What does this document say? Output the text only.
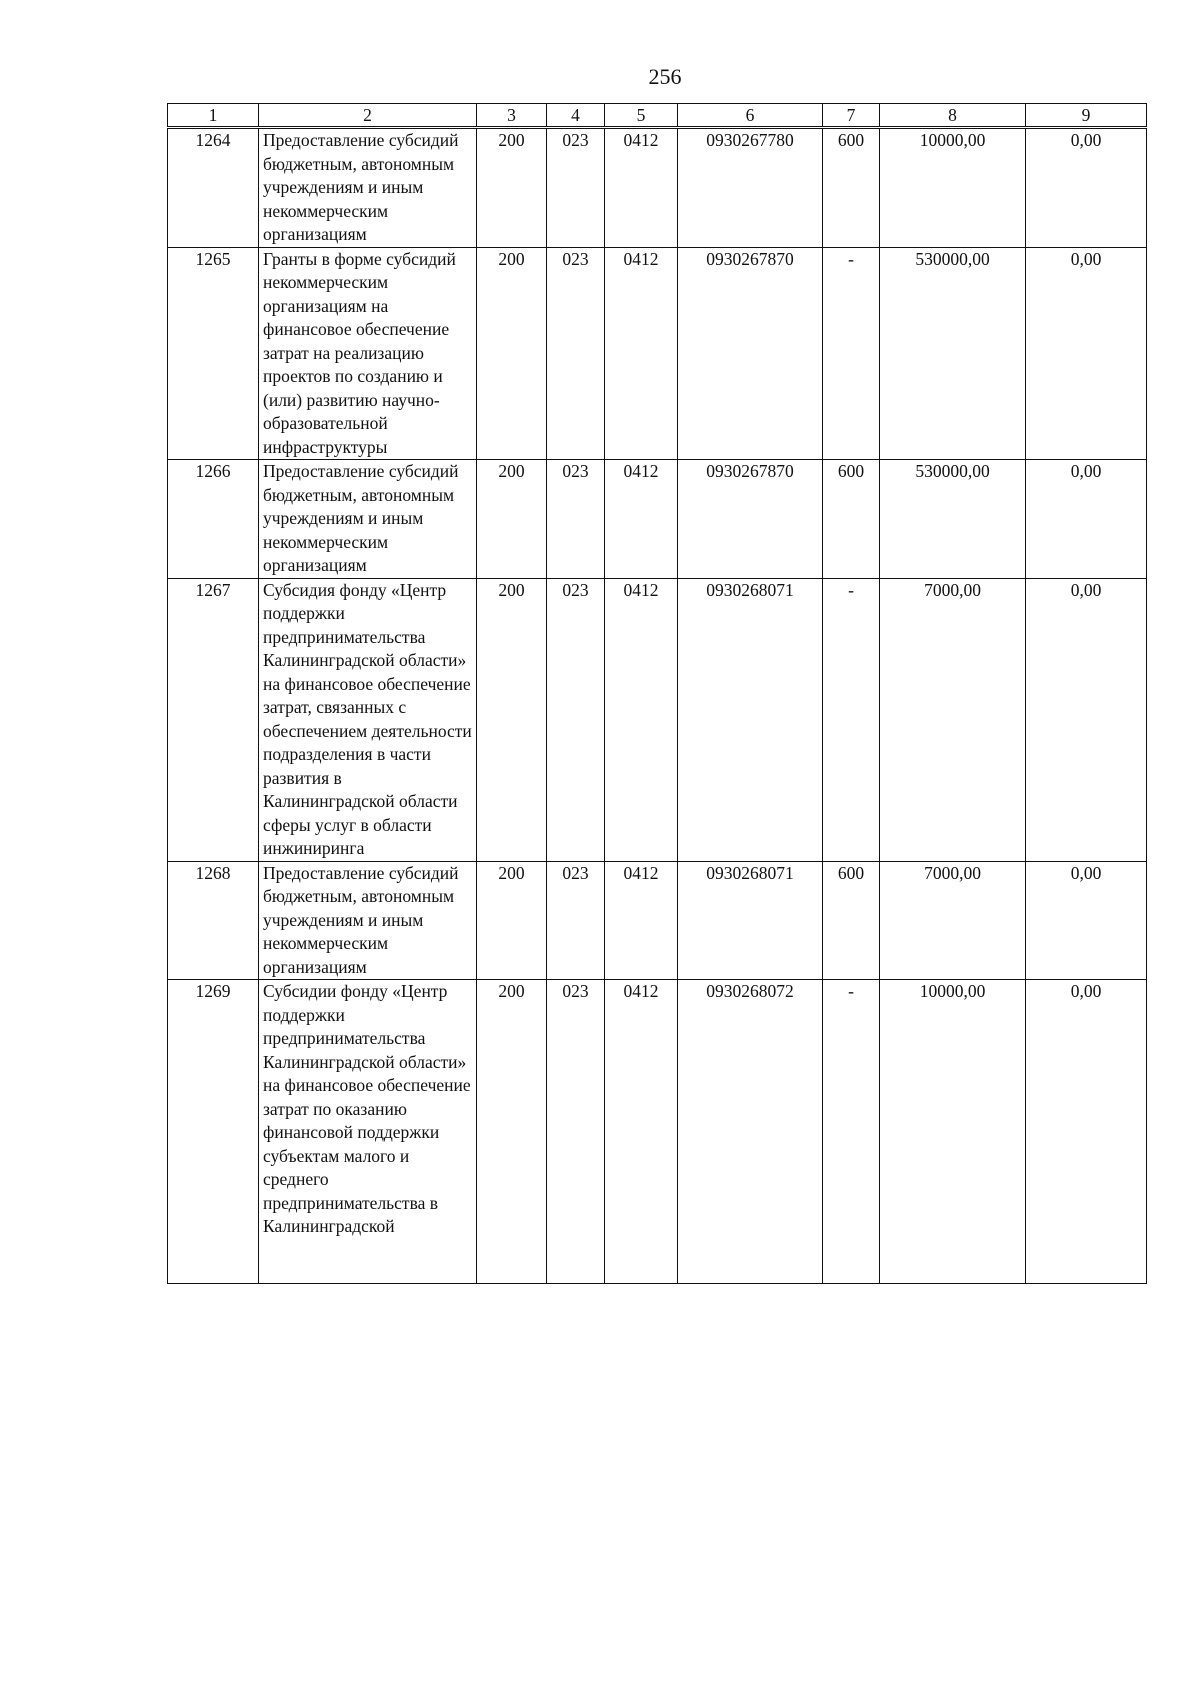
256
1	2	3	4	5	6	7	8	9
1264	Предоставление субсидий бюджетным, автономным учреждениям и иным некоммерческим организациям	200	023	0412	0930267780	600	10000,00	0,00
1265	Гранты в форме субсидий некоммерческим организациям на финансовое обеспечение затрат на реализацию проектов по созданию и (или) развитию научно-образовательной инфраструктуры	200	023	0412	0930267870	-	530000,00	0,00
1266	Предоставление субсидий бюджетным, автономным учреждениям и иным некоммерческим организациям	200	023	0412	0930267870	600	530000,00	0,00
1267	Субсидия фонду «Центр поддержки предпринимательства Калининградской области» на финансовое обеспечение затрат, связанных с обеспечением деятельности подразделения в части развития в Калининградской области сферы услуг в области инжиниринга	200	023	0412	0930268071	-	7000,00	0,00
1268	Предоставление субсидий бюджетным, автономным учреждениям и иным некоммерческим организациям	200	023	0412	0930268071	600	7000,00	0,00
1269	Субсидии фонду «Центр поддержки предпринимательства Калининградской области» на финансовое обеспечение затрат по оказанию финансовой поддержки субъектам малого и среднего предпринимательства в Калининградской	200	023	0412	0930268072	-	10000,00	0,00
